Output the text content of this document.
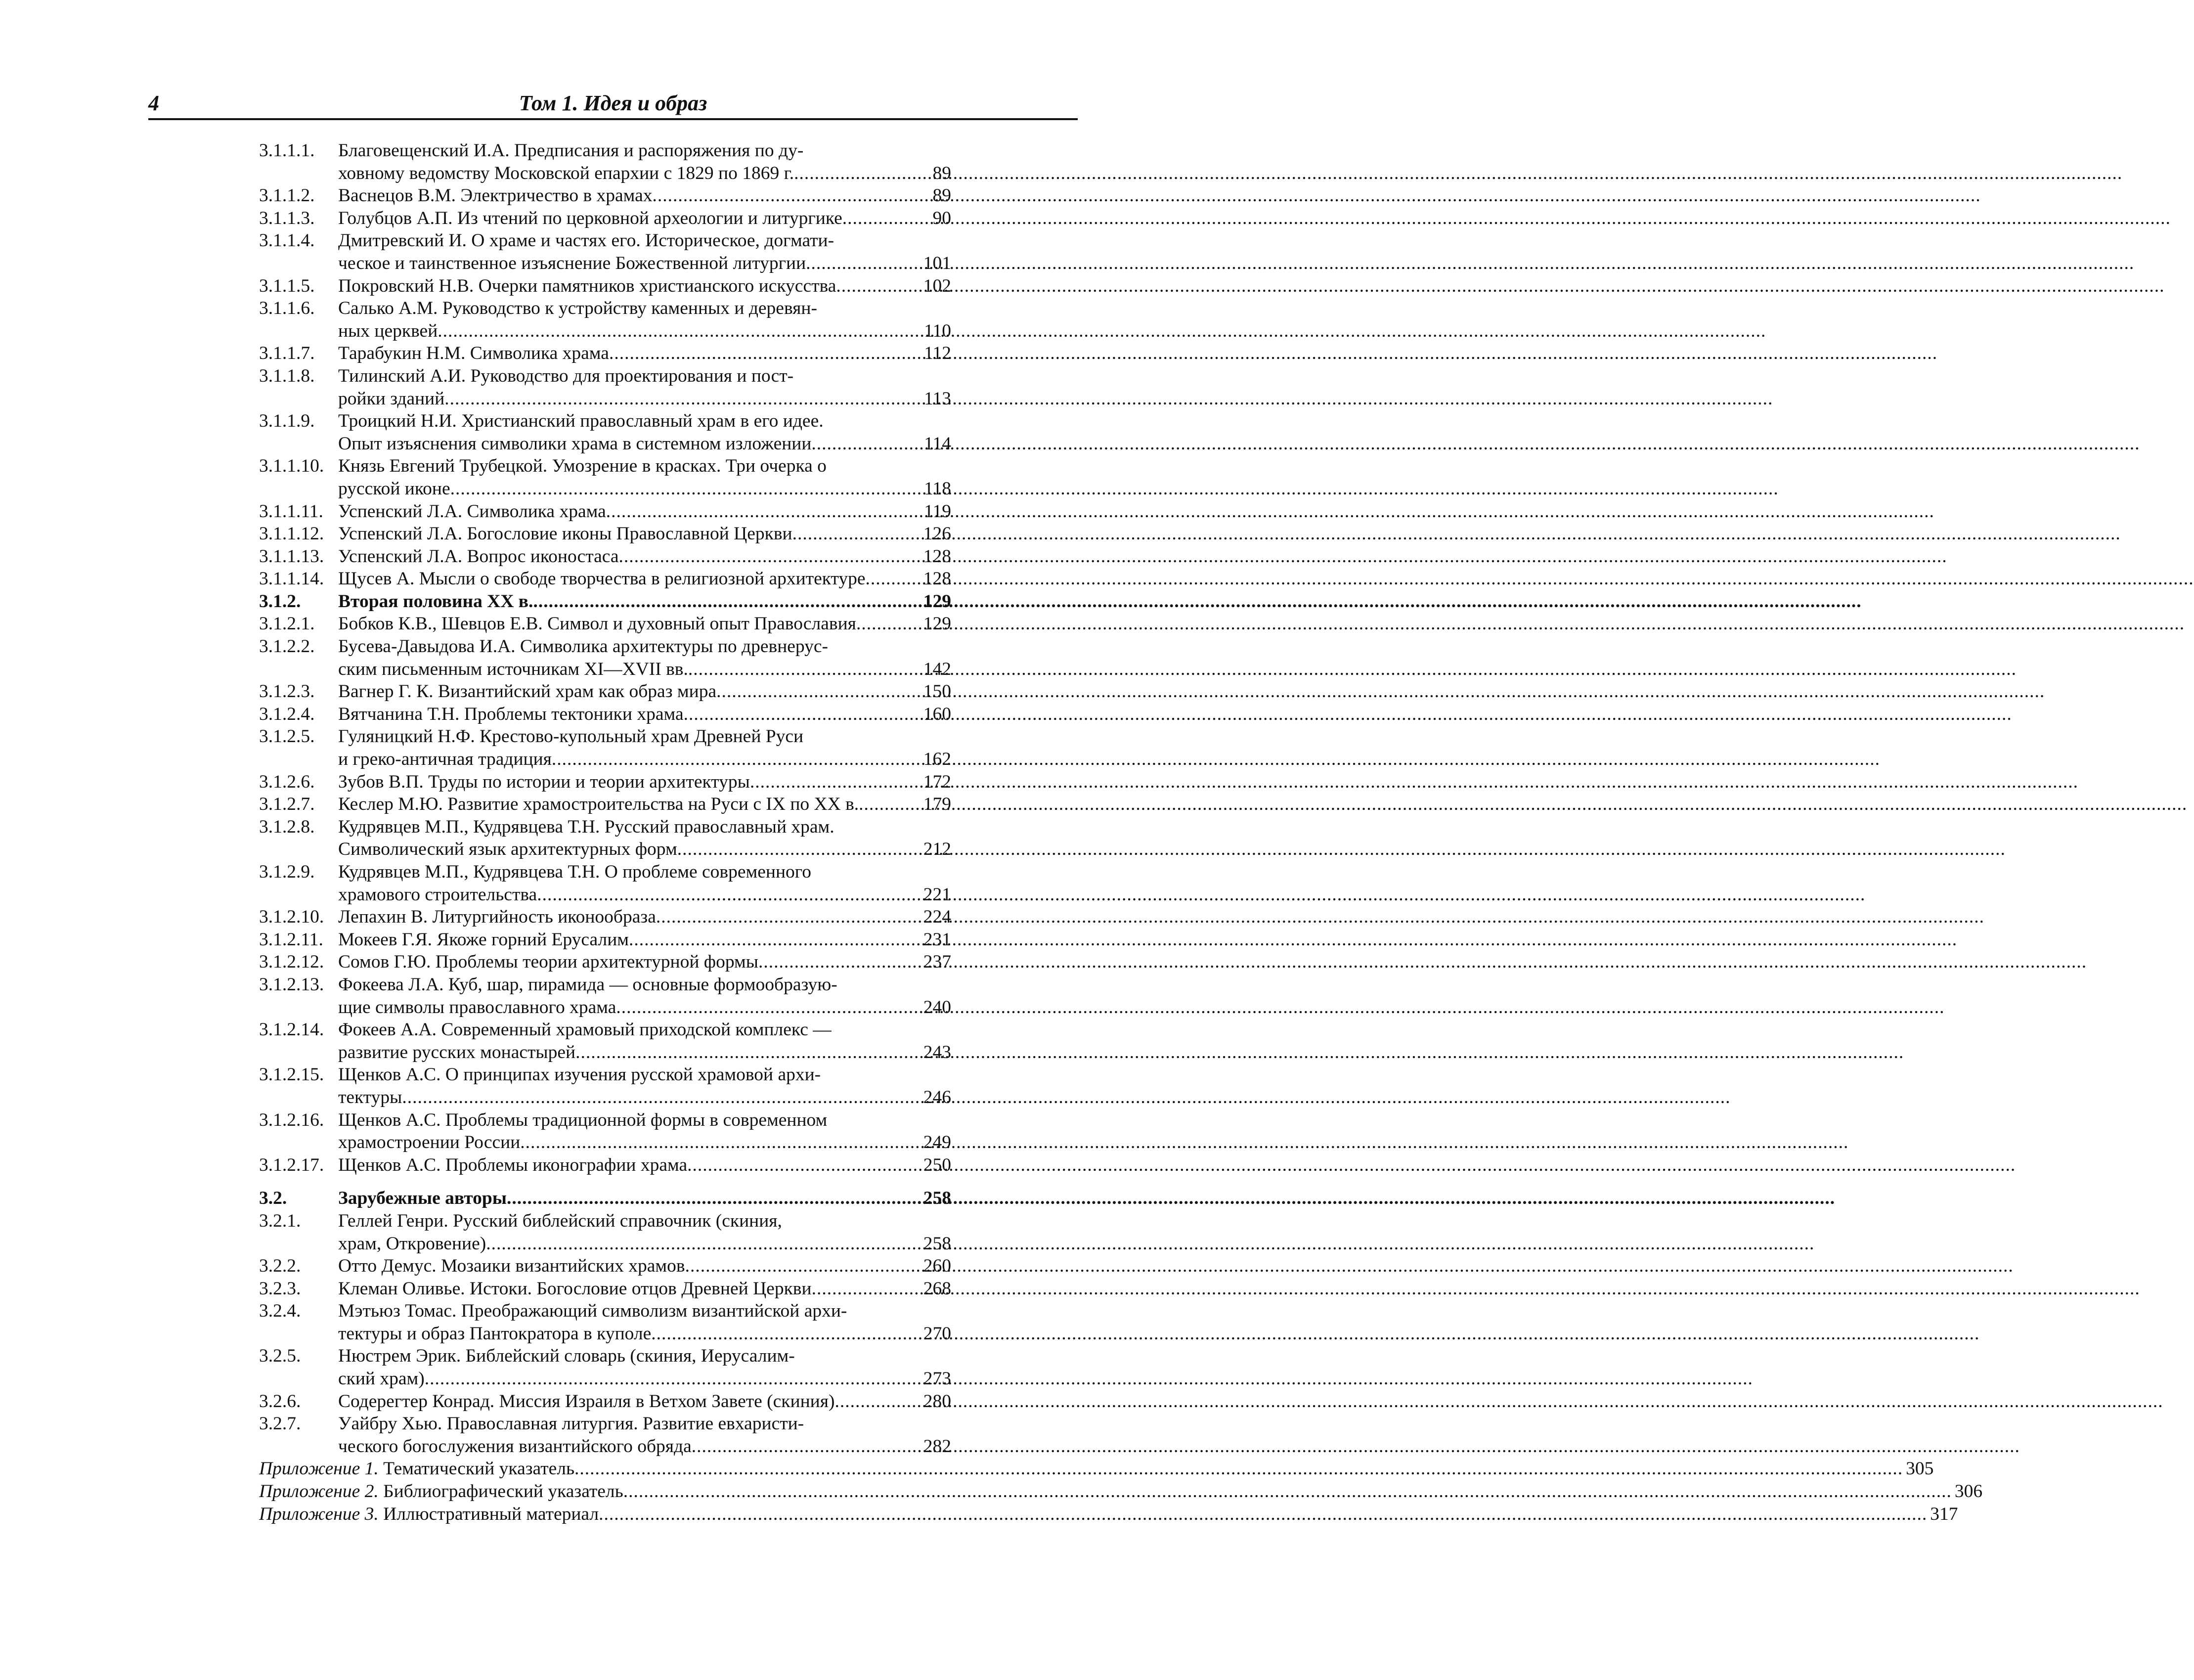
4	Том 1. Идея и образ
3.1.1.1.	Благовещенский И.А. Предписания и распоряжения по ду-
ховному ведомству Московской епархии с 1829 по 1869 г. .....	89
3.1.1.2.	Васнецов В.М. Электричество в храмах .....	89
3.1.1.3.	Голубцов А.П. Из чтений по церковной археологии и литургике .....	90
3.1.1.4.	Дмитревский И. О храме и частях его. Историческое, догмати-
ческое и таинственное изъяснение Божественной литургии .....	101
3.1.1.5.	Покровский Н.В. Очерки памятников христианского искусства .....	102
3.1.1.6.	Салько А.М. Руководство к устройству каменных и деревян-
ных церквей .....	110
3.1.1.7.	Тарабукин Н.М. Символика храма .....	112
3.1.1.8.	Тилинский А.И. Руководство для проектирования и пост-
ройки зданий .....	113
3.1.1.9.	Троицкий Н.И. Христианский православный храм в его идее.
Опыт изъяснения символики храма в системном изложении .....	114
3.1.1.10. Князь Евгений Трубецкой. Умозрение в красках. Три очерка о
русской иконе .....	118
3.1.1.11. Успенский Л.А. Символика храма .....	119
3.1.1.12. Успенский Л.А. Богословие иконы Православной Церкви .....	126
3.1.1.13. Успенский Л.А. Вопрос иконостаса .....	128
3.1.1.14. Щусев А. Мысли о свободе творчества в религиозной архитектуре .....	128
3.1.2.	Вторая половина XX в. .....	129
3.1.2.1.	Бобков К.В., Шевцов Е.В. Символ и духовный опыт Православия .....	129
3.1.2.2.	Бусева-Давыдова И.А. Символика архитектуры по древнерус-
ским письменным источникам XI—XVII вв. .....	142
3.1.2.3.	Вагнер Г. К. Византийский храм как образ мира .....	150
3.1.2.4.	Вятчанина Т.Н. Проблемы тектоники храма .....	160
3.1.2.5.	Гуляницкий Н.Ф. Крестово-купольный храм Древней Руси
и греко-античная традиция .....	162
3.1.2.6.	Зубов В.П. Труды по истории и теории архитектуры .....	172
3.1.2.7.	Кеслер М.Ю. Развитие храмостроительства на Руси с IX по XX в. .....	179
3.1.2.8.	Кудрявцев М.П., Кудрявцева Т.Н. Русский православный храм.
Символический язык архитектурных форм .....	212
3.1.2.9.	Кудрявцев М.П., Кудрявцева Т.Н. О проблеме современного
храмового строительства .....	221
3.1.2.10. Лепахин В. Литургийность иконообраза .....	224
3.1.2.11. Мокеев Г.Я. Якоже горний Ерусалим .....	231
3.1.2.12. Сомов Г.Ю. Проблемы теории архитектурной формы .....	237
3.1.2.13. Фокеева Л.А. Куб, шар, пирамида — основные формообразую-
щие символы православного храма .....	240
3.1.2.14. Фокеев А.А. Современный храмовый приходской комплекс —
развитие русских монастырей .....	243
3.1.2.15. Щенков А.С. О принципах изучения русской храмовой архи-
тектуры .....	246
3.1.2.16. Щенков А.С. Проблемы традиционной формы в современном
храмостроении России .....	249
3.1.2.17. Щенков А.С. Проблемы иконографии храма .....	250
3.2.	Зарубежные авторы .....	258
3.2.1.	Геллей Генри. Русский библейский справочник (скиния,
храм, Откровение) .....	258
3.2.2.	Отто Демус. Мозаики византийских храмов .....	260
3.2.3.	Клеман Оливье. Истоки. Богословие отцов Древней Церкви .....	268
3.2.4.	Мэтьюз Томас. Преображающий символизм византийской архи-
тектуры и образ Пантократора в куполе .....	270
3.2.5.	Нюстрем Эрик. Библейский словарь (скиния, Иерусалим-
ский храм) .....	273
3.2.6.	Содерегтер Конрад. Миссия Израиля в Ветхом Завете (скиния) .....	280
3.2.7.	Уайбру Хью. Православная литургия. Развитие евхаристи-
ческого богослужения византийского обряда .....	282
Приложение 1. Тематический указатель .....	305
Приложение 2. Библиографический указатель .....	306
Приложение 3. Иллюстративный материал .....	317
